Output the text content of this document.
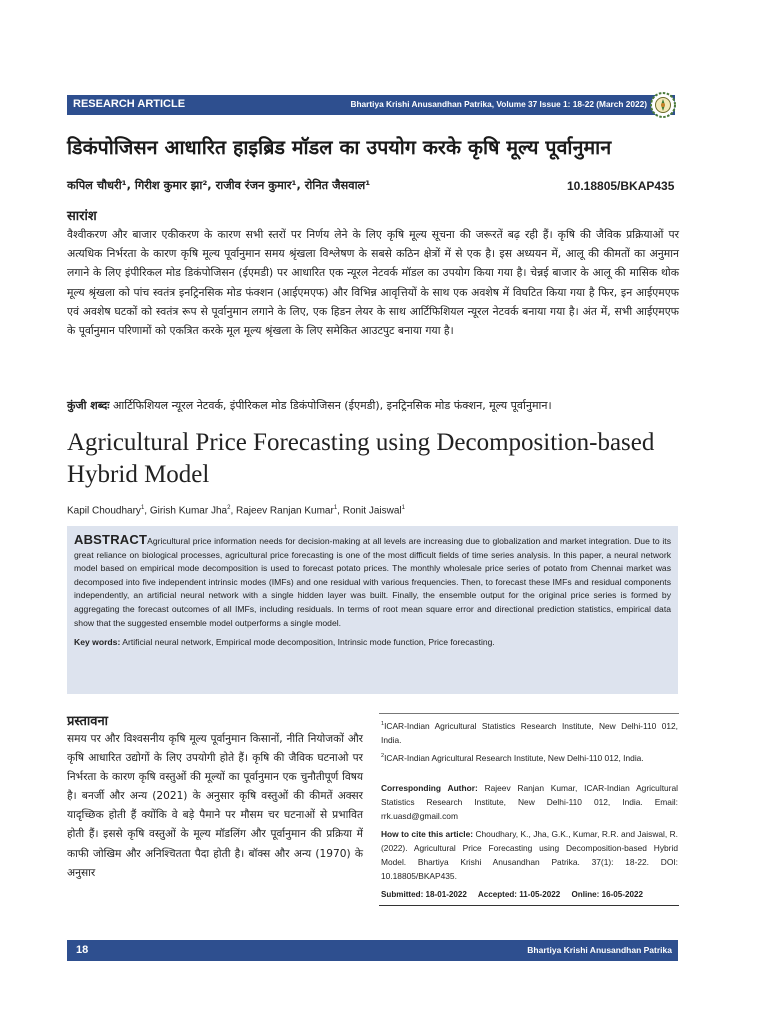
RESEARCH ARTICLE	Bhartiya Krishi Anusandhan Patrika, Volume 37 Issue 1: 18-22 (March 2022)
डिकंपोजिसन आधारित हाइब्रिड मॉडल का उपयोग करके कृषि मूल्य पूर्वानुमान
कपिल चौधरी¹, गिरीश कुमार झा², राजीव रंजन कुमार¹, रोनित जैसवाल¹	10.18805/BKAP435
सारांश
वैश्वीकरण और बाजार एकीकरण के कारण सभी स्तरों पर निर्णय लेने के लिए कृषि मूल्य सूचना की जरूरतें बढ़ रही हैं। कृषि की जैविक प्रक्रियाओं पर अत्यधिक निर्भरता के कारण कृषि मूल्य पूर्वानुमान समय श्रृंखला विश्लेषण के सबसे कठिन क्षेत्रों में से एक है। इस अध्ययन में, आलू की कीमतों का अनुमान लगाने के लिए इंपीरिकल मोड डिकंपोजिसन (ईएमडी) पर आधारित एक न्यूरल नेटवर्क मॉडल का उपयोग किया गया है। चेन्नई बाजार के आलू की मासिक थोक मूल्य श्रृंखला को पांच स्वतंत्र इनट्रिनसिक मोड फंक्शन (आईएमएफ) और विभिन्न आवृत्तियों के साथ एक अवशेष में विघटित किया गया है फिर, इन आईएमएफ एवं अवशेष घटकों को स्वतंत्र रूप से पूर्वानुमान लगाने के लिए, एक हिडन लेयर के साथ आर्टिफिशियल न्यूरल नेटवर्क बनाया गया है। अंत में, सभी आईएमएफ के पूर्वानुमान परिणामों को एकत्रित करके मूल मूल्य श्रृंखला के लिए समेकित आउटपुट बनाया गया है।
कुंजी शब्दः आर्टिफिशियल न्यूरल नेटवर्क, इंपीरिकल मोड डिकंपोजिसन (ईएमडी), इनट्रिनसिक मोड फंक्शन, मूल्य पूर्वानुमान।
Agricultural Price Forecasting using Decomposition-based Hybrid Model
Kapil Choudhary$^1$, Girish Kumar Jha$^2$, Rajeev Ranjan Kumar$^1$, Ronit Jaiswal$^1$
ABSTRACTAgricultural price information needs for decision-making at all levels are increasing due to globalization and market integration. Due to its great reliance on biological processes, agricultural price forecasting is one of the most difficult fields of time series analysis. In this paper, a neural network model based on empirical mode decomposition is used to forecast potato prices. The monthly wholesale price series of potato from Chennai market was decomposed into five independent intrinsic modes (IMFs) and one residual with various frequencies. Then, to forecast these IMFs and residual components independently, an artificial neural network with a single hidden layer was built. Finally, the ensemble output for the original price series is formed by aggregating the forecast outcomes of all IMFs, including residuals. In terms of root mean square error and directional prediction statistics, empirical data show that the suggested ensemble model outperforms a single model.
Key words: Artificial neural network, Empirical mode decomposition, Intrinsic mode function, Price forecasting.
प्रस्तावना
समय पर और विश्वसनीय कृषि मूल्य पूर्वानुमान किसानों, नीति नियोजकों और कृषि आधारित उद्योगों के लिए उपयोगी होते हैं। कृषि की जैविक घटनाओ पर निर्भरता के कारण कृषि वस्तुओं की मूल्यों का पूर्वानुमान एक चुनौतीपूर्ण विषय है। बनर्जी और अन्य (2021) के अनुसार कृषि वस्तुओं की कीमतें अक्सर यादृच्छिक होती हैं क्योंकि वे बड़े पैमाने पर मौसम चर घटनाओं से प्रभावित होती हैं। इससे कृषि वस्तुओं के मूल्य मॉडलिंग और पूर्वानुमान की प्रक्रिया में काफी जोखिम और अनिश्चितता पैदा होती है। बॉक्स और अन्य (1970) के अनुसार
$^1$ICAR-Indian Agricultural Statistics Research Institute, New Delhi-110 012, India.
$^2$ICAR-Indian Agricultural Research Institute, New Delhi-110 012, India.
Corresponding Author: Rajeev Ranjan Kumar, ICAR-Indian Agricultural Statistics Research Institute, New Delhi-110 012, India. Email: rrk.uasd@gmail.com
How to cite this article: Choudhary, K., Jha, G.K., Kumar, R.R. and Jaiswal, R. (2022). Agricultural Price Forecasting using Decomposition-based Hybrid Model. Bhartiya Krishi Anusandhan Patrika. 37(1): 18-22. DOI: 10.18805/BKAP435.
Submitted: 18-01-2022 Accepted: 11-05-2022 Online: 16-05-2022
18	Bhartiya Krishi Anusandhan Patrika
